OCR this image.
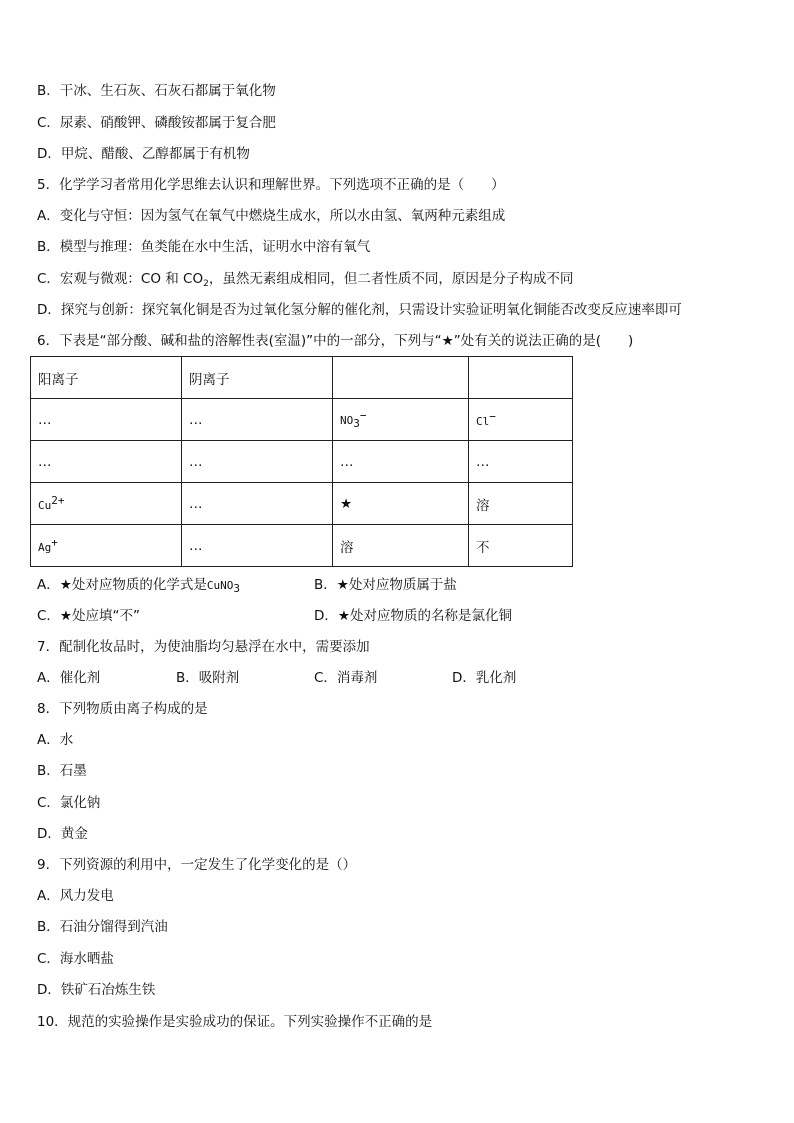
B．干冰、生石灰、石灰石都属于氧化物
C．尿素、硝酸钾、磷酸铵都属于复合肥
D．甲烷、醋酸、乙醇都属于有机物
5．化学学习者常用化学思维去认识和理解世界。下列选项不正确的是（　　）
A．变化与守恒：因为氢气在氧气中燃烧生成水，所以水由氢、氧两种元素组成
B．模型与推理：鱼类能在水中生活，证明水中溶有氧气
C．宏观与微观：CO 和 $CO_2$，虽然无素组成相同，但二者性质不同，原因是分子构成不同
D．探究与创新：探究氧化铜是否为过氧化氢分解的催化剂，只需设计实验证明氧化铜能否改变反应速率即可
6．下表是“部分酸、碱和盐的溶解性表(室温)”中的一部分，下列与“★”处有关的说法正确的是(　　)
阳离子	阴离子		
…	…	$NO_3^-$	Cl−
…	…	…	…
$Cu^{2+}$	…	★	溶
Ag+	…	溶	不
A．★处对应物质的化学式是CuNO$_3$	B．★处对应物质属于盐
C．★处应填“不”	D．★处对应物质的名称是氯化铜
7．配制化妆品时，为使油脂均匀悬浮在水中，需要添加
A．催化剂	B．吸附剂	C．消毒剂	D．乳化剂
8．下列物质由离子构成的是
A．水
B．石墨
C．氯化钠
D．黄金
9．下列资源的利用中，一定发生了化学变化的是（）
A．风力发电
B．石油分馏得到汽油
C．海水晒盐
D．铁矿石冶炼生铁
10．规范的实验操作是实验成功的保证。下列实验操作不正确的是
